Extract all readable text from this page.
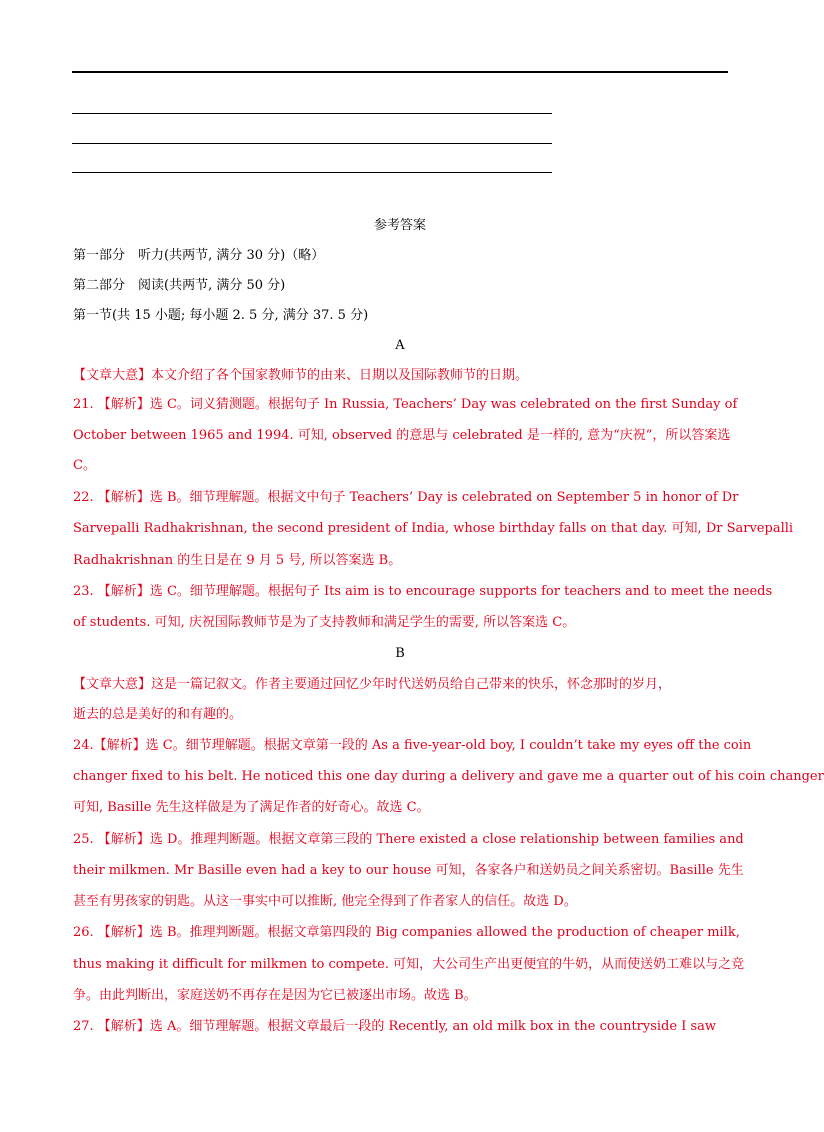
参考答案
第一部分　听力(共两节, 满分 30 分)（略）
第二部分　阅读(共两节, 满分 50 分)
第一节(共 15 小题; 每小题 2. 5 分, 满分 37. 5 分)
A
【文章大意】本文介绍了各个国家教师节的由来、日期以及国际教师节的日期。
21. 【解析】选 C。词义猜测题。根据句子 In Russia, Teachers’ Day was celebrated on the first Sunday of
October between 1965 and 1994. 可知, observed 的意思与 celebrated 是一样的, 意为“庆祝”，所以答案选
C。
22. 【解析】选 B。细节理解题。根据文中句子 Teachers’ Day is celebrated on September 5 in honor of Dr
Sarvepalli Radhakrishnan, the second president of India, whose birthday falls on that day. 可知, Dr Sarvepalli
Radhakrishnan 的生日是在 9 月 5 号, 所以答案选 B。
23. 【解析】选 C。细节理解题。根据句子 Its aim is to encourage supports for teachers and to meet the needs
of students. 可知, 庆祝国际教师节是为了支持教师和满足学生的需要, 所以答案选 C。
B
【文章大意】这是一篇记叙文。作者主要通过回忆少年时代送奶员给自己带来的快乐，怀念那时的岁月，
逝去的总是美好的和有趣的。
24.【解析】选 C。细节理解题。根据文章第一段的 As a five-year-old boy, I couldn’t take my eyes off the coin
changer fixed to his belt. He noticed this one day during a delivery and gave me a quarter out of his coin changer
可知, Basille 先生这样做是为了满足作者的好奇心。故选 C。
25. 【解析】选 D。推理判断题。根据文章第三段的 There existed a close relationship between families and
their milkmen. Mr Basille even had a key to our house 可知，各家各户和送奶员之间关系密切。Basille 先生
甚至有男孩家的钥匙。从这一事实中可以推断, 他完全得到了作者家人的信任。故选 D。
26. 【解析】选 B。推理判断题。根据文章第四段的 Big companies allowed the production of cheaper milk,
thus making it difficult for milkmen to compete. 可知，大公司生产出更便宜的牛奶，从而使送奶工难以与之竞
争。由此判断出，家庭送奶不再存在是因为它已被逐出市场。故选 B。
27. 【解析】选 A。细节理解题。根据文章最后一段的 Recently, an old milk box in the countryside I saw
